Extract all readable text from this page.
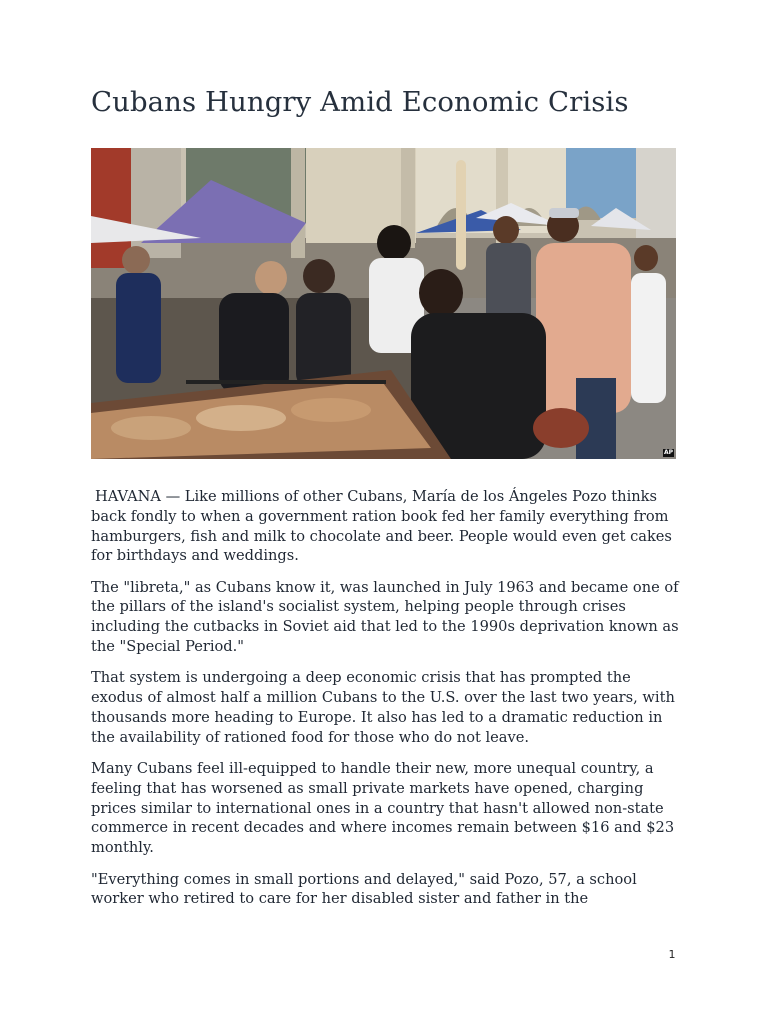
Cubans Hungry Amid Economic Crisis
AP

HAVANA — Like millions of other Cubans, María de los Ángeles Pozo thinks back fondly to when a government ration book fed her family everything from hamburgers, fish and milk to chocolate and beer. People would even get cakes for birthdays and weddings.

The "libreta," as Cubans know it, was launched in July 1963 and became one of the pillars of the island's socialist system, helping people through crises including the cutbacks in Soviet aid that led to the 1990s deprivation known as the "Special Period."

That system is undergoing a deep economic crisis that has prompted the exodus of almost half a million Cubans to the U.S. over the last two years, with thousands more heading to Europe. It also has led to a dramatic reduction in the availability of rationed food for those who do not leave.

Many Cubans feel ill-equipped to handle their new, more unequal country, a feeling that has worsened as small private markets have opened, charging prices similar to international ones in a country that hasn't allowed non-state commerce in recent decades and where incomes remain between $16 and $23 monthly.

"Everything comes in small portions and delayed," said Pozo, 57, a school worker who retired to care for her disabled sister and father in the

1
